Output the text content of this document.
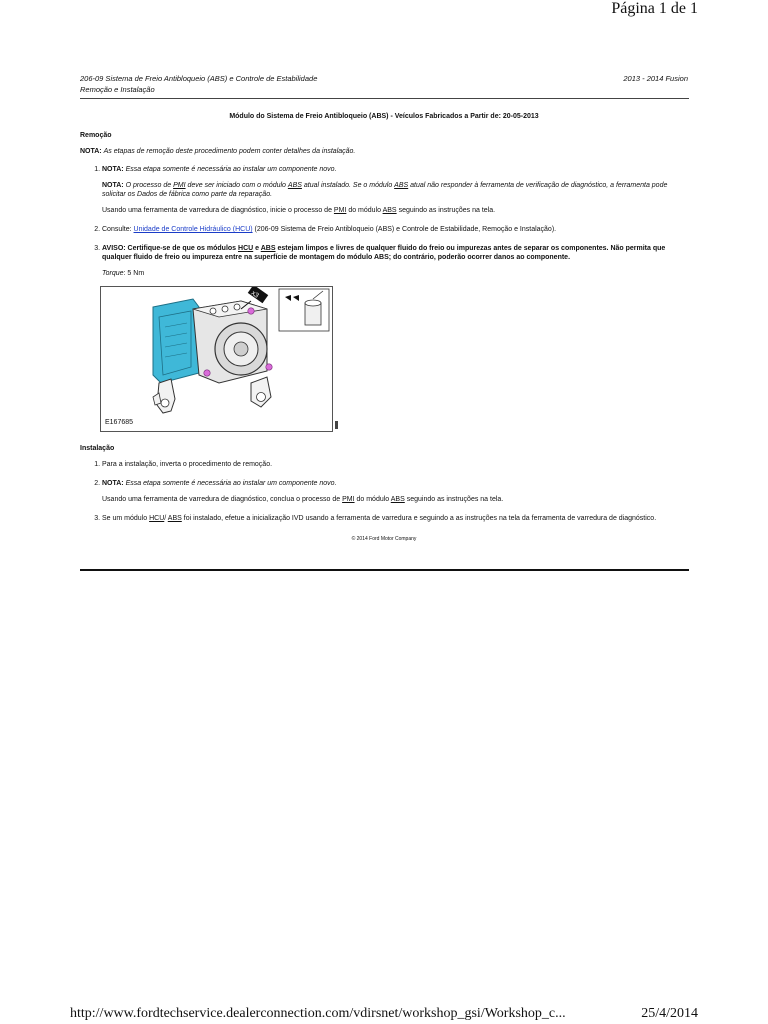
Página 1 de 1
206-09 Sistema de Freio Antibloqueio (ABS) e Controle de Estabilidade
Remoção e Instalação
2013 - 2014 Fusion
Módulo do Sistema de Freio Antibloqueio (ABS) - Veículos Fabricados a Partir de: 20-05-2013
Remoção
NOTA: As etapas de remoção deste procedimento podem conter detalhes da instalação.

1. NOTA: Essa etapa somente é necessária ao instalar um componente novo.

NOTA: O processo de PMI deve ser iniciado com o módulo ABS atual instalado. Se o módulo ABS atual não responder à ferramenta de verificação de diagnóstico, a ferramenta pode solicitar os Dados de fábrica como parte da reparação.

Usando uma ferramenta de varredura de diagnóstico, inicie o processo de PMI do módulo ABS seguindo as instruções na tela.

2. Consulte: Unidade de Controle Hidráulico (HCU) (206-09 Sistema de Freio Antibloqueio (ABS) e Controle de Estabilidade, Remoção e Instalação).

3. AVISO: Certifique-se de que os módulos HCU e ABS estejam limpos e livres de qualquer fluido do freio ou impurezas antes de separar os componentes. Não permita que qualquer fluido de freio ou impureza entre na superfície de montagem do módulo ABS; do contrário, poderão ocorrer danos ao componente.

Torque: 5 Nm

x3
E167685
Instalação
1. Para a instalação, inverta o procedimento de remoção.

2. NOTA: Essa etapa somente é necessária ao instalar um componente novo.

Usando uma ferramenta de varredura de diagnóstico, conclua o processo de PMI do módulo ABS seguindo as instruções na tela.

3. Se um módulo HCU/ ABS foi instalado, efetue a inicialização IVD usando a ferramenta de varredura e seguindo a as instruções na tela da ferramenta de varredura de diagnóstico.
© 2014 Ford Motor Company
http://www.fordtechservice.dealerconnection.com/vdirsnet/workshop_gsi/Workshop_c...	25/4/2014
